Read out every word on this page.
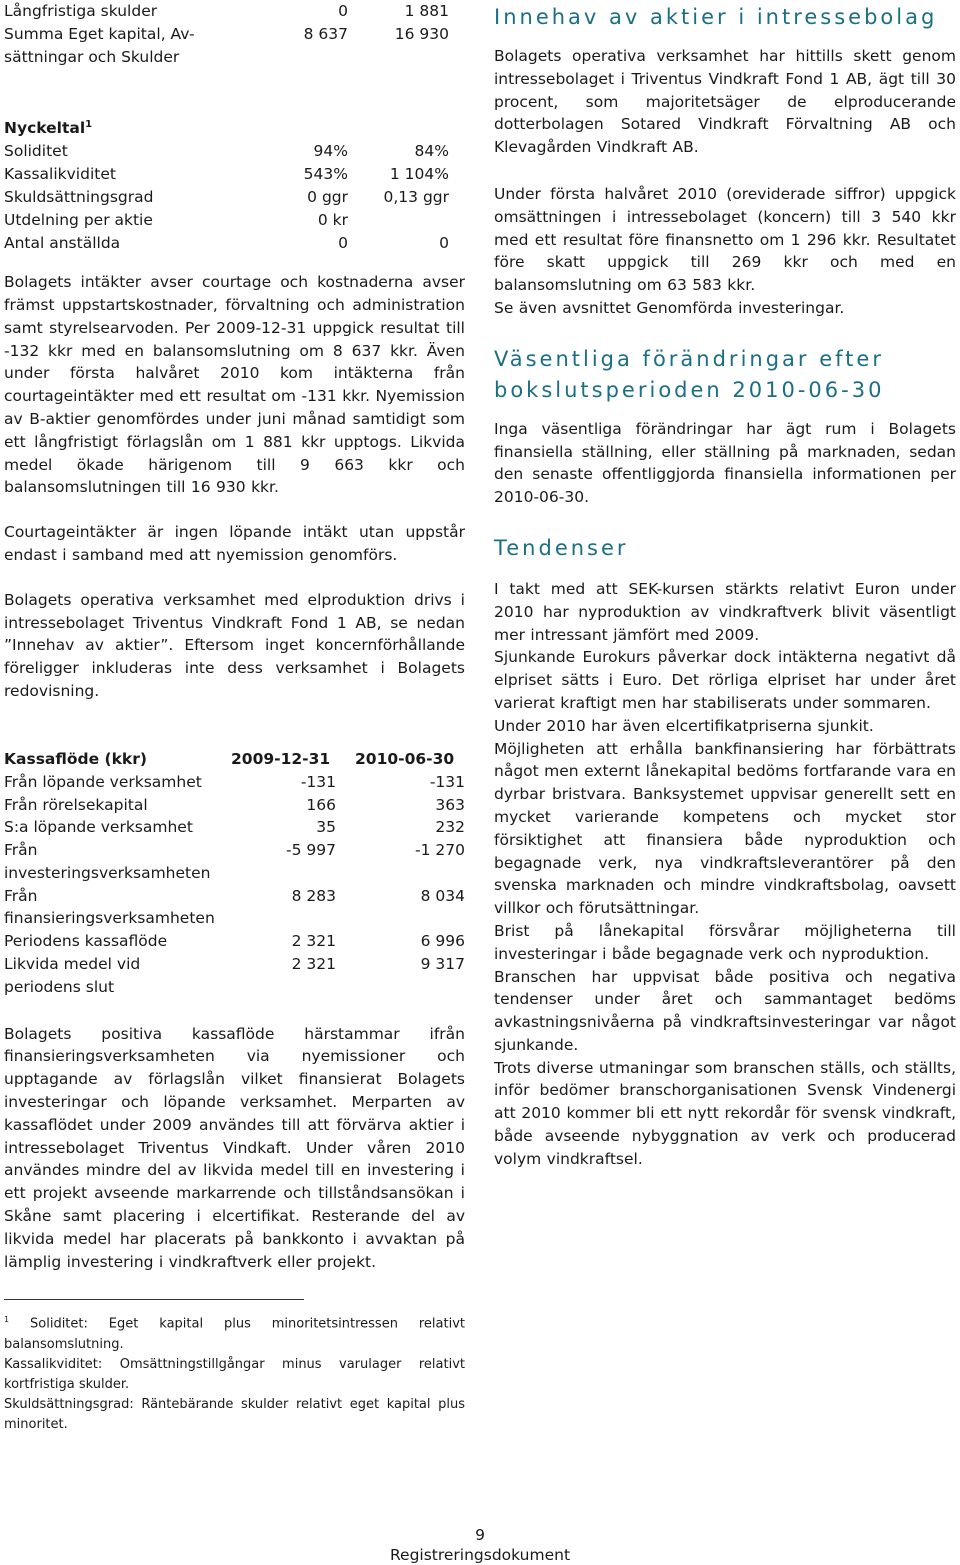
Långfristiga skulder	0	1 881
Summa Eget kapital, Av-	8 637	16 930
sättningar och Skulder
Nyckeltal$^1$
Soliditet	94%	84%
Kassalikviditet	543%	1 104%
Skuldsättningsgrad	0 ggr 0,13 ggr
Utdelning per aktie	0 kr
Antal anställda	0	0

Bolagets intäkter avser courtage och kostnaderna avser främst uppstartskostnader, förvaltning och administration samt styrelsearvoden. Per 2009-12-31 uppgick resultat till -132 kkr med en balansomslutning om 8 637 kkr. Även under första halvåret 2010 kom intäkterna från courtageintäkter med ett resultat om -131 kkr. Nyemission av B-aktier genomfördes under juni månad samtidigt som ett långfristigt förlagslån om 1 881 kkr upptogs. Likvida medel ökade härigenom till 9 663 kkr och balansomslutningen till 16 930 kkr.

Courtageintäkter är ingen löpande intäkt utan uppstår endast i samband med att nyemission genomförs.

Bolagets operativa verksamhet med elproduktion drivs i intressebolaget Triventus Vindkraft Fond 1 AB, se nedan ”Innehav av aktier”. Eftersom inget koncernförhållande föreligger inkluderas inte dess verksamhet i Bolagets redovisning.

Kassaflöde (kkr)	2009-12-31 2010-06-30
Från löpande verksamhet	-131	-131
Från rörelsekapital	166	363
S:a löpande verksamhet	35	232
Från investeringsverksamheten
-5 997	-1 270
Från finansieringsverksamheten
8 283	8 034
Periodens kassaflöde	2 321	6 996
Likvida medel vid periodens slut
2 321	9 317

Bolagets positiva kassaflöde härstammar ifrån finansieringsverksamheten via nyemissioner och upptagande av förlagslån vilket finansierat Bolagets investeringar och löpande verksamhet. Merparten av kassaflödet under 2009 användes till att förvärva aktier i intressebolaget Triventus Vindkaft. Under våren 2010 användes mindre del av likvida medel till en investering i ett projekt avseende markarrende och tillståndsansökan i Skåne samt placering i elcertifikat. Resterande del av likvida medel har placerats på bankkonto i avvaktan på lämplig investering i vindkraftverk eller projekt.

$^1$ Soliditet: Eget kapital plus minoritetsintressen relativt balansomslutning.

Kassalikviditet: Omsättningstillgångar minus varulager relativt kortfristiga skulder.

Skuldsättningsgrad: Räntebärande skulder relativt eget kapital plus minoritet.

Innehav av aktier i intressebolag

Bolagets operativa verksamhet har hittills skett genom intressebolaget i Triventus Vindkraft Fond 1 AB, ägt till 30 procent, som majoritetsäger de elproducerande dotterbolagen Sotared Vindkraft Förvaltning AB och Klevagården Vindkraft AB.

Under första halvåret 2010 (oreviderade siffror) uppgick omsättningen i intressebolaget (koncern) till 3 540 kkr med ett resultat före finansnetto om 1 296 kkr. Resultatet före skatt uppgick till 269 kkr och med en balansomslutning om 63 583 kkr.

Se även avsnittet Genomförda investeringar.

Väsentliga förändringar efter bokslutsperioden 2010-06-30

Inga väsentliga förändringar har ägt rum i Bolagets finansiella ställning, eller ställning på marknaden, sedan den senaste offentliggjorda finansiella informationen per 2010-06-30.

Tendenser

I takt med att SEK-kursen stärkts relativt Euron under 2010 har nyproduktion av vindkraftverk blivit väsentligt mer intressant jämfört med 2009.

Sjunkande Eurokurs påverkar dock intäkterna negativt då elpriset sätts i Euro. Det rörliga elpriset har under året varierat kraftigt men har stabiliserats under sommaren.

Under 2010 har även elcertifikatpriserna sjunkit.

Möjligheten att erhålla bankfinansiering har förbättrats något men externt lånekapital bedöms fortfarande vara en dyrbar bristvara. Banksystemet uppvisar generellt sett en mycket varierande kompetens och mycket stor försiktighet att finansiera både nyproduktion och begagnade verk, nya vindkraftsleverantörer på den svenska marknaden och mindre vindkraftsbolag, oavsett villkor och förutsättningar.

Brist på lånekapital försvårar möjligheterna till investeringar i både begagnade verk och nyproduktion.

Branschen har uppvisat både positiva och negativa tendenser under året och sammantaget bedöms avkastningsnivåerna på vindkraftsinvesteringar var något sjunkande.

Trots diverse utmaningar som branschen ställs, och ställts, inför bedömer branschorganisationen Svensk Vindenergi att 2010 kommer bli ett nytt rekordår för svensk vindkraft, både avseende nybyggnation av verk och producerad volym vindkraftsel.

9
Registreringsdokument
